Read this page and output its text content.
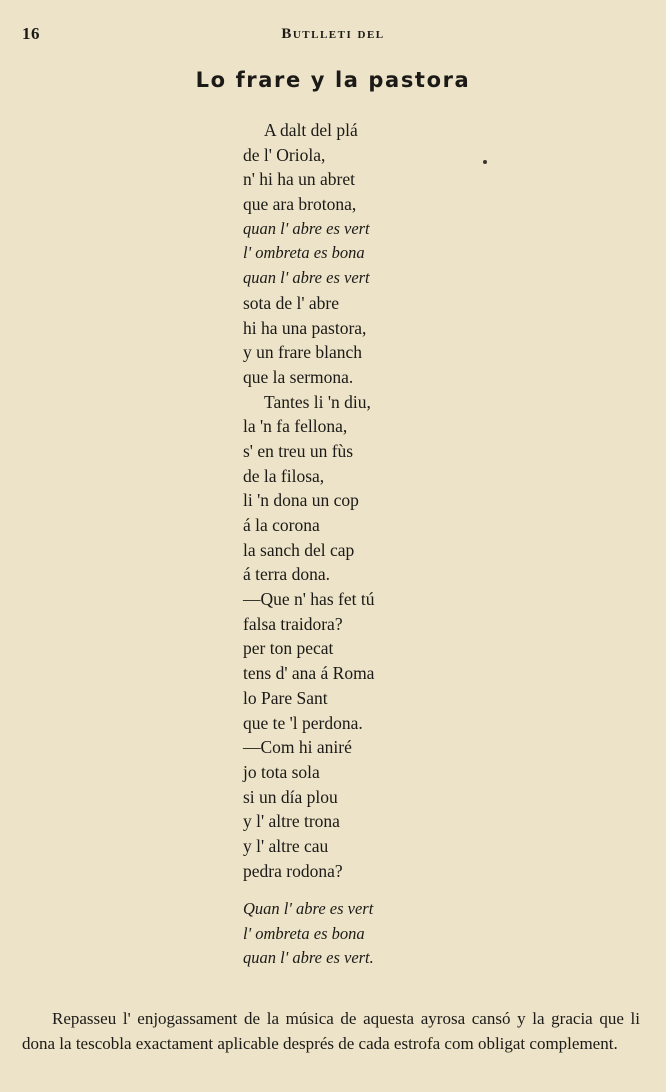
16	Butlleti del
Lo frare y la pastora
A dalt del plá
de l' Oriola,
n' hi ha un abret
que ara brotona,
quan l' abre es vert
l' ombreta es bona
quan l' abre es vert
sota de l' abre
hi ha una pastora,
y un frare blanch
que la sermona.
Tantes li 'n diu,
la 'n fa fellona,
s' en treu un fùs
de la filosa,
li 'n dona un cop
á la corona
la sanch del cap
á terra dona.
—Que n' has fet tú
falsa traidora?
per ton pecat
tens d' ana á Roma
lo Pare Sant
que te 'l perdona.
—Com hi aniré
jo tota sola
si un día plou
y l' altre trona
y l' altre cau
pedra rodona?
Quan l' abre es vert
l' ombreta es bona
quan l' abre es vert.

Repasseu l' enjogassament de la música de aquesta ayrosa cansó y la gracia que li dona la tescobla exactament aplicable després de cada estrofa com obligat complement.
